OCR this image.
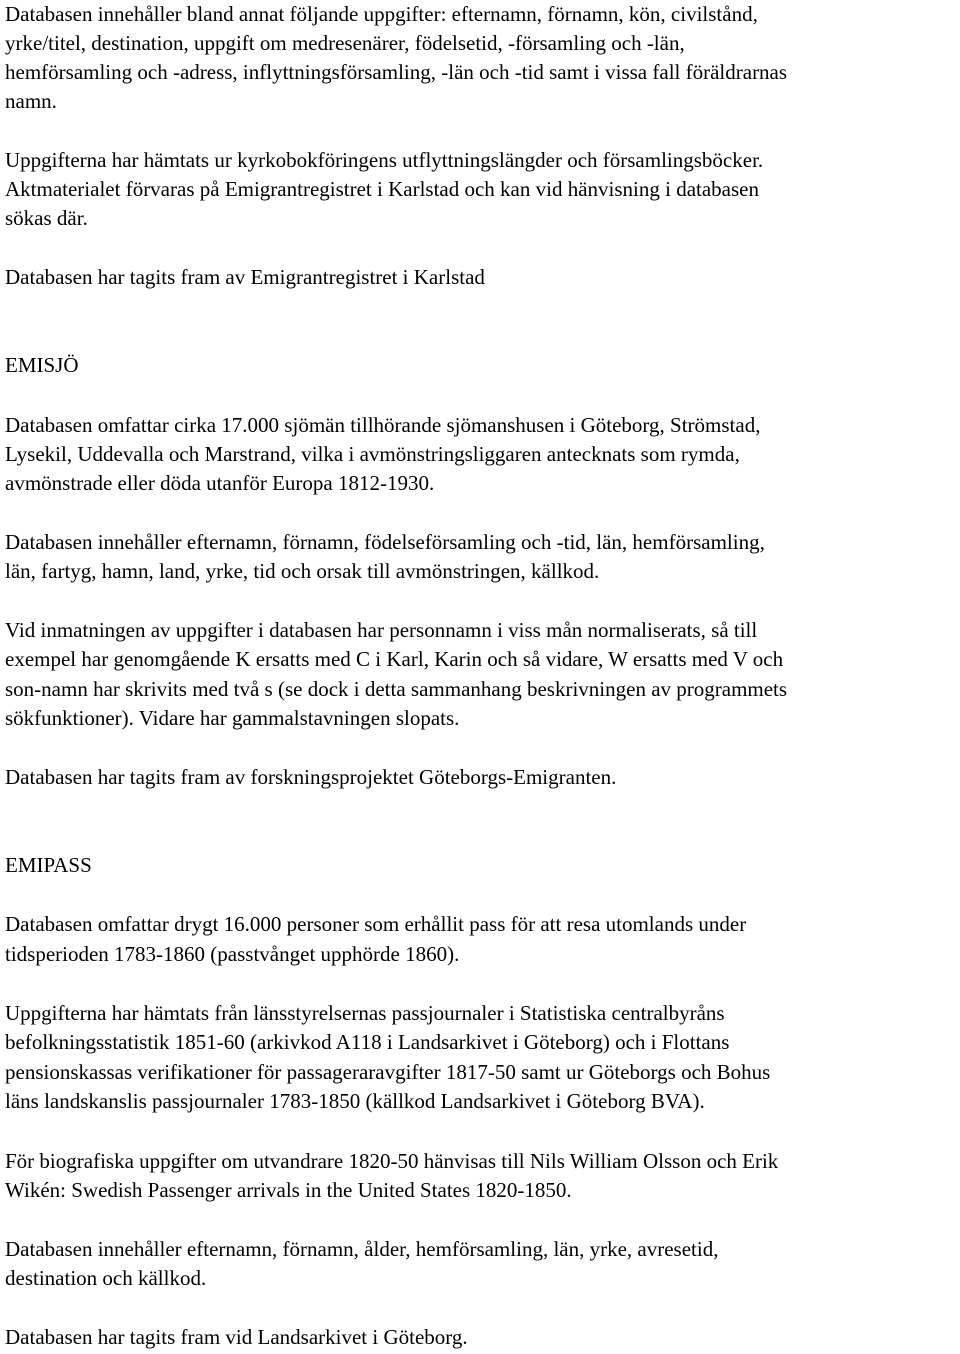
Databasen innehåller bland annat följande uppgifter: efternamn, förnamn, kön, civilstånd,
yrke/titel, destination, uppgift om medresenärer, födelsetid, -församling och -län,
hemförsamling och -adress, inflyttningsförsamling, -län och -tid samt i vissa fall föräldrarnas
namn.
Uppgifterna har hämtats ur kyrkobokföringens utflyttningslängder och församlingsböcker.
Aktmaterialet förvaras på Emigrantregistret i Karlstad och kan vid hänvisning i databasen
sökas där.
Databasen har tagits fram av Emigrantregistret i Karlstad
EMISJÖ
Databasen omfattar cirka 17.000 sjömän tillhörande sjömanshusen i Göteborg, Strömstad,
Lysekil, Uddevalla och Marstrand, vilka i avmönstringsliggaren antecknats som rymda,
avmönstrade eller döda utanför Europa 1812-1930.
Databasen innehåller efternamn, förnamn, födelseförsamling och -tid, län, hemförsamling,
län, fartyg, hamn, land, yrke, tid och orsak till avmönstringen, källkod.
Vid inmatningen av uppgifter i databasen har personnamn i viss mån normaliserats, så till
exempel har genomgående K ersatts med C i Karl, Karin och så vidare, W ersatts med V och
son-namn har skrivits med två s (se dock i detta sammanhang beskrivningen av programmets
sökfunktioner). Vidare har gammalstavningen slopats.
Databasen har tagits fram av forskningsprojektet Göteborgs-Emigranten.
EMIPASS
Databasen omfattar drygt 16.000 personer som erhållit pass för att resa utomlands under
tidsperioden 1783-1860 (passtvånget upphörde 1860).
Uppgifterna har hämtats från länsstyrelsernas passjournaler i Statistiska centralbyråns
befolkningsstatistik 1851-60 (arkivkod A118 i Landsarkivet i Göteborg) och i Flottans
pensionskassas verifikationer för passageraravgifter 1817-50 samt ur Göteborgs och Bohus
läns landskanslis passjournaler 1783-1850 (källkod Landsarkivet i Göteborg BVA).
För biografiska uppgifter om utvandrare 1820-50 hänvisas till Nils William Olsson och Erik
Wikén: Swedish Passenger arrivals in the United States 1820-1850.
Databasen innehåller efternamn, förnamn, ålder, hemförsamling, län, yrke, avresetid,
destination och källkod.
Databasen har tagits fram vid Landsarkivet i Göteborg.
